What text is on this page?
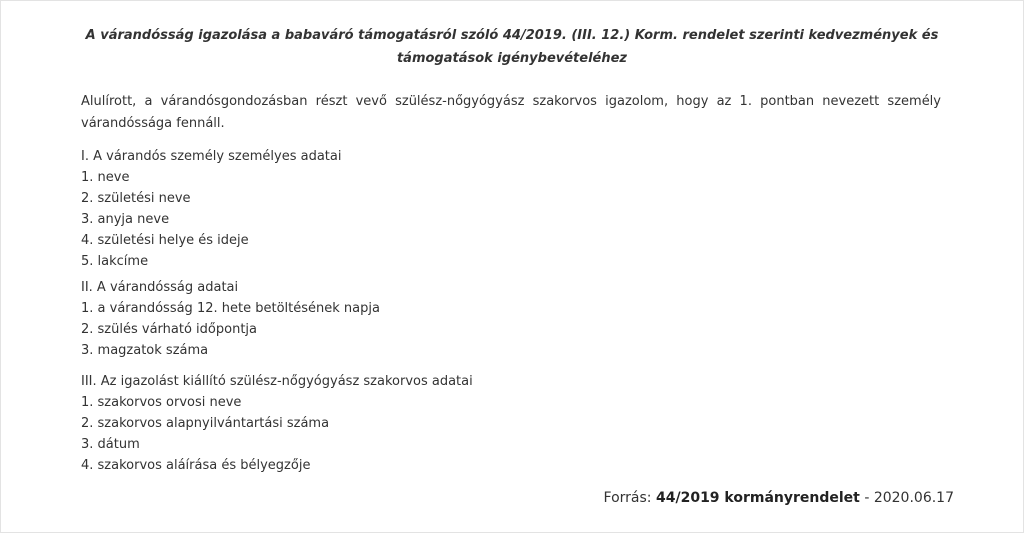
A várandósság igazolása a babaváró támogatásról szóló 44/2019. (III. 12.) Korm. rendelet szerinti kedvezmények és támogatások igénybevételéhez
Alulírott, a várandósgondozásban részt vevő szülész-nőgyógyász szakorvos igazolom, hogy az 1. pontban nevezett személy várandóssága fennáll.
I. A várandós személy személyes adatai
1. neve
2. születési neve
3. anyja neve
4. születési helye és ideje
5. lakcíme
II. A várandósság adatai
1. a várandósság 12. hete betöltésének napja
2. szülés várható időpontja
3. magzatok száma
III. Az igazolást kiállító szülész-nőgyógyász szakorvos adatai
1. szakorvos orvosi neve
2. szakorvos alapnyilvántartási száma
3. dátum
4. szakorvos aláírása és bélyegzője
Forrás: 44/2019 kormányrendelet - 2020.06.17
